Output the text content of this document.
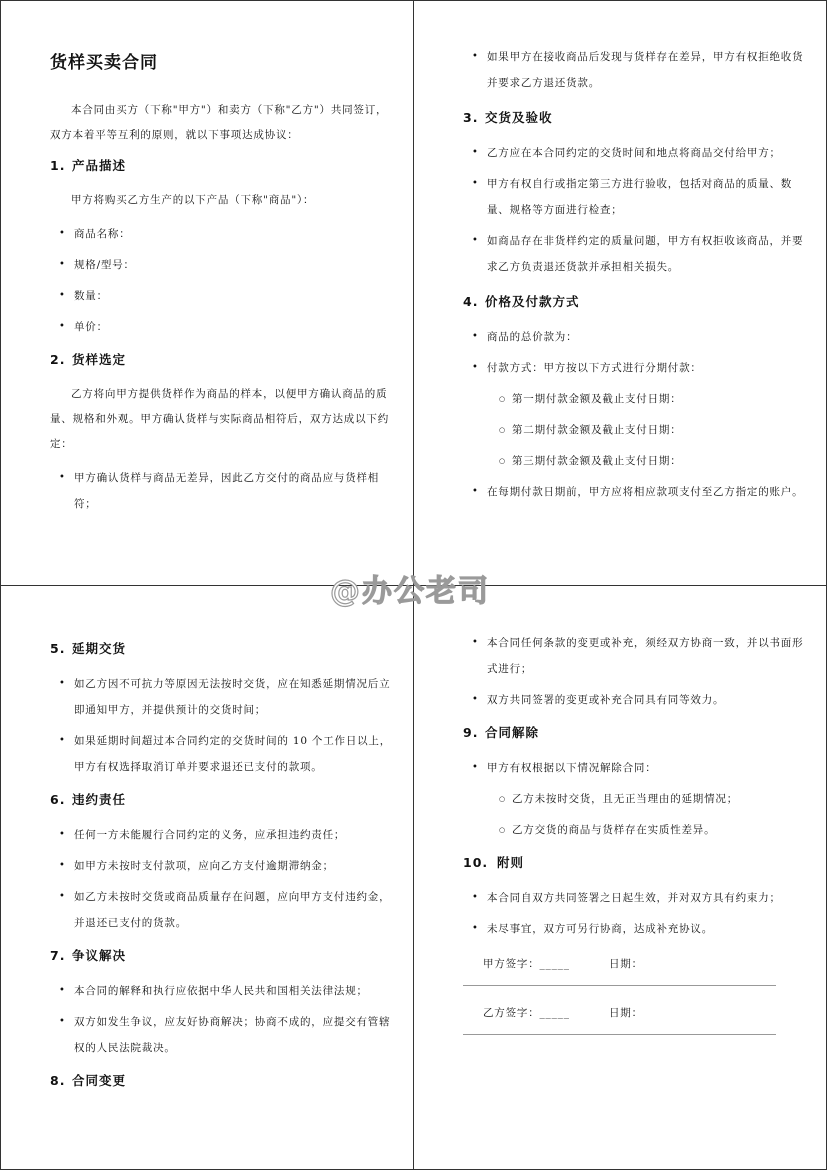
货样买卖合同

本合同由买方（下称"甲方"）和卖方（下称"乙方"）共同签订，双方本着平等互利的原则，就以下事项达成协议：

1. 产品描述

甲方将购买乙方生产的以下产品（下称"商品"）：

• 商品名称：
• 规格/型号：
• 数量：
• 单价：
2. 货样选定

乙方将向甲方提供货样作为商品的样本，以便甲方确认商品的质量、规格和外观。甲方确认货样与实际商品相符后，双方达成以下约定：

• 甲方确认货样与商品无差异，因此乙方交付的商品应与货样相符；
• 如果甲方在接收商品后发现与货样存在差异，甲方有权拒绝收货并要求乙方退还货款。
3. 交货及验收
• 乙方应在本合同约定的交货时间和地点将商品交付给甲方；
• 甲方有权自行或指定第三方进行验收，包括对商品的质量、数量、规格等方面进行检查；
• 如商品存在非货样约定的质量问题，甲方有权拒收该商品，并要求乙方负责退还货款并承担相关损失。
4. 价格及付款方式
• 商品的总价款为：
• 付款方式：甲方按以下方式进行分期付款：
○ 第一期付款金额及截止支付日期：
○ 第二期付款金额及截止支付日期：
○ 第三期付款金额及截止支付日期：
• 在每期付款日期前，甲方应将相应款项支付至乙方指定的账户。
5. 延期交货
• 如乙方因不可抗力等原因无法按时交货，应在知悉延期情况后立即通知甲方，并提供预计的交货时间；
• 如果延期时间超过本合同约定的交货时间的 10 个工作日以上，甲方有权选择取消订单并要求退还已支付的款项。
6. 违约责任
• 任何一方未能履行合同约定的义务，应承担违约责任；
• 如甲方未按时支付款项，应向乙方支付逾期滞纳金；
• 如乙方未按时交货或商品质量存在问题，应向甲方支付违约金，并退还已支付的货款。
7. 争议解决
• 本合同的解释和执行应依据中华人民共和国相关法律法规；
• 双方如发生争议，应友好协商解决；协商不成的，应提交有管辖权的人民法院裁决。
8. 合同变更
• 本合同任何条款的变更或补充，须经双方协商一致，并以书面形式进行；
• 双方共同签署的变更或补充合同具有同等效力。
9. 合同解除
• 甲方有权根据以下情况解除合同：
○ 乙方未按时交货，且无正当理由的延期情况；
○ 乙方交货的商品与货样存在实质性差异。
10. 附则
• 本合同自双方共同签署之日起生效，并对双方具有约束力；
• 未尽事宜，双方可另行协商，达成补充协议。
甲方签字：_____	日期：
乙方签字：_____	日期：
@办公老司
